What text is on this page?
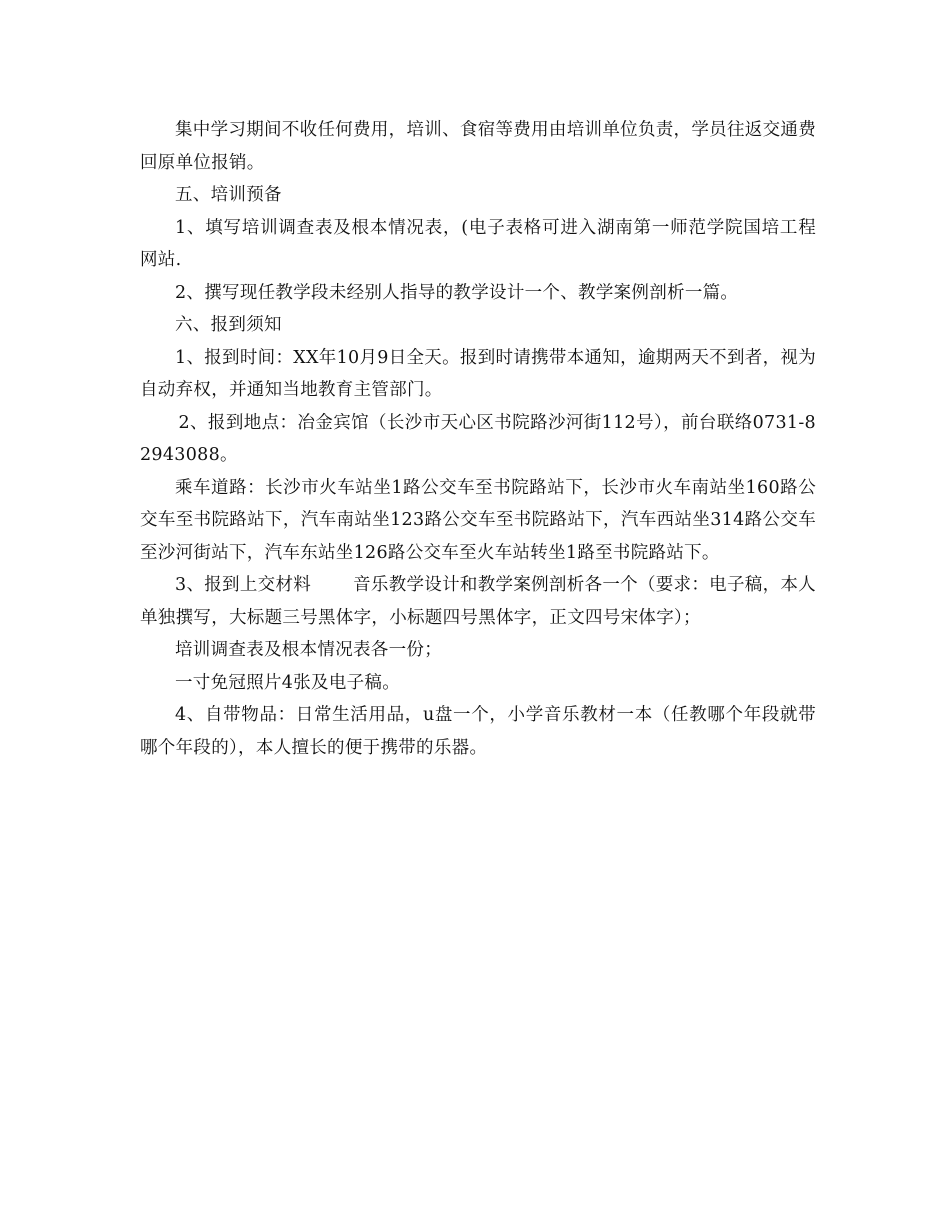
集中学习期间不收任何费用，培训、食宿等费用由培训单位负责，学员往返交通费回原单位报销。

五、培训预备

1、填写培训调查表及根本情况表，(电子表格可进入湖南第一师范学院国培工程网站.

2、撰写现任教学段未经别人指导的教学设计一个、教学案例剖析一篇。

六、报到须知

1、报到时间：XX年10月9日全天。报到时请携带本通知，逾期两天不到者，视为自动弃权，并通知当地教育主管部门。

2、报到地点：冶金宾馆（长沙市天心区书院路沙河街112号），前台联络0731-82943088。

乘车道路：长沙市火车站坐1路公交车至书院路站下，长沙市火车南站坐160路公交车至书院路站下，汽车南站坐123路公交车至书院路站下，汽车西站坐314路公交车至沙河街站下，汽车东站坐126路公交车至火车站转坐1路至书院路站下。

3、报到上交材料 音乐教学设计和教学案例剖析各一个（要求：电子稿，本人单独撰写，大标题三号黑体字，小标题四号黑体字，正文四号宋体字）；

培训调查表及根本情况表各一份；

一寸免冠照片4张及电子稿。

4、自带物品：日常生活用品，u盘一个，小学音乐教材一本（任教哪个年段就带哪个年段的），本人擅长的便于携带的乐器。
